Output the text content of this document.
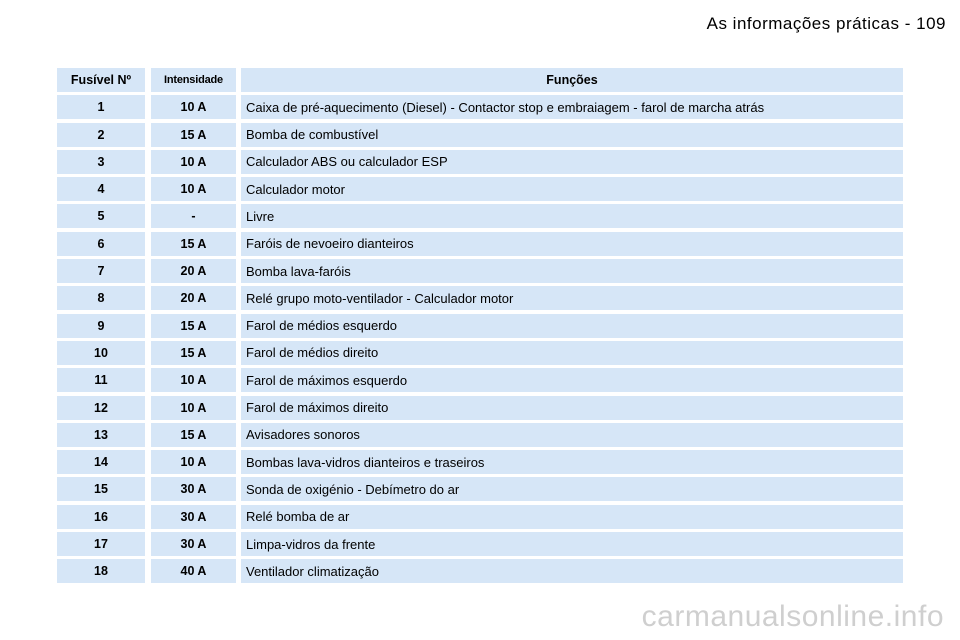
As informações práticas - 109
Fusível Nº	Intensidade	Funções
1	10 A	Caixa de pré-aquecimento (Diesel) - Contactor stop e embraiagem - farol de marcha atrás
2	15 A	Bomba de combustível
3	10 A	Calculador ABS ou calculador ESP
4	10 A	Calculador motor
5	-	Livre
6	15 A	Faróis de nevoeiro dianteiros
7	20 A	Bomba lava-faróis
8	20 A	Relé grupo moto-ventilador - Calculador motor
9	15 A	Farol de médios esquerdo
10	15 A	Farol de médios direito
11	10 A	Farol de máximos esquerdo
12	10 A	Farol de máximos direito
13	15 A	Avisadores sonoros
14	10 A	Bombas lava-vidros dianteiros e traseiros
15	30 A	Sonda de oxigénio - Debímetro do ar
16	30 A	Relé bomba de ar
17	30 A	Limpa-vidros da frente
18	40 A	Ventilador climatização
carmanualsonline.info
